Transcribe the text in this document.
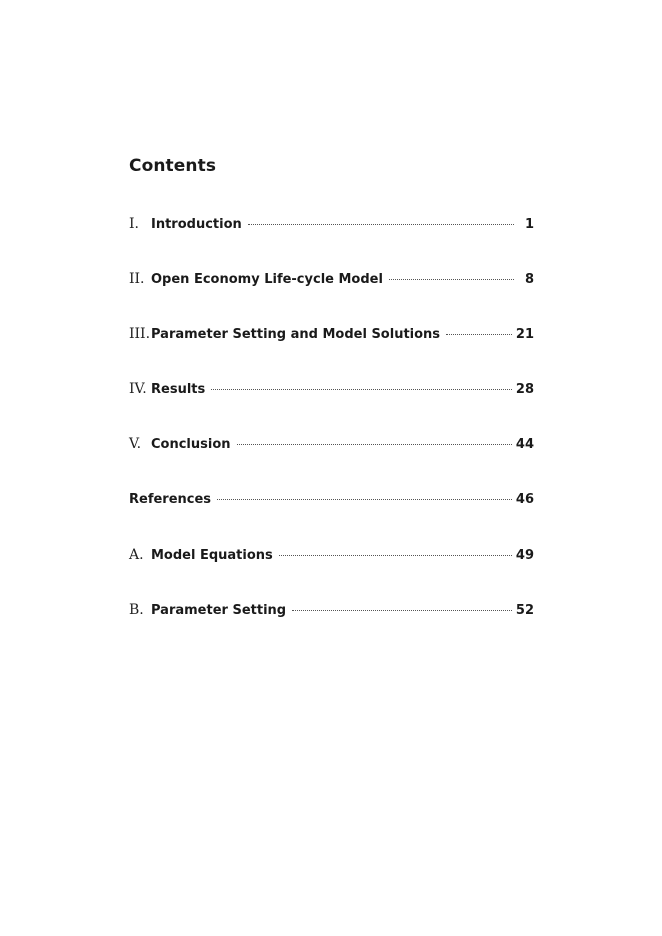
Contents
I. Introduction	1
II. Open Economy Life-cycle Model	8
III. Parameter Setting and Model Solutions	21
IV. Results	28
V. Conclusion	44
References	46
A. Model Equations	49
B. Parameter Setting	52
